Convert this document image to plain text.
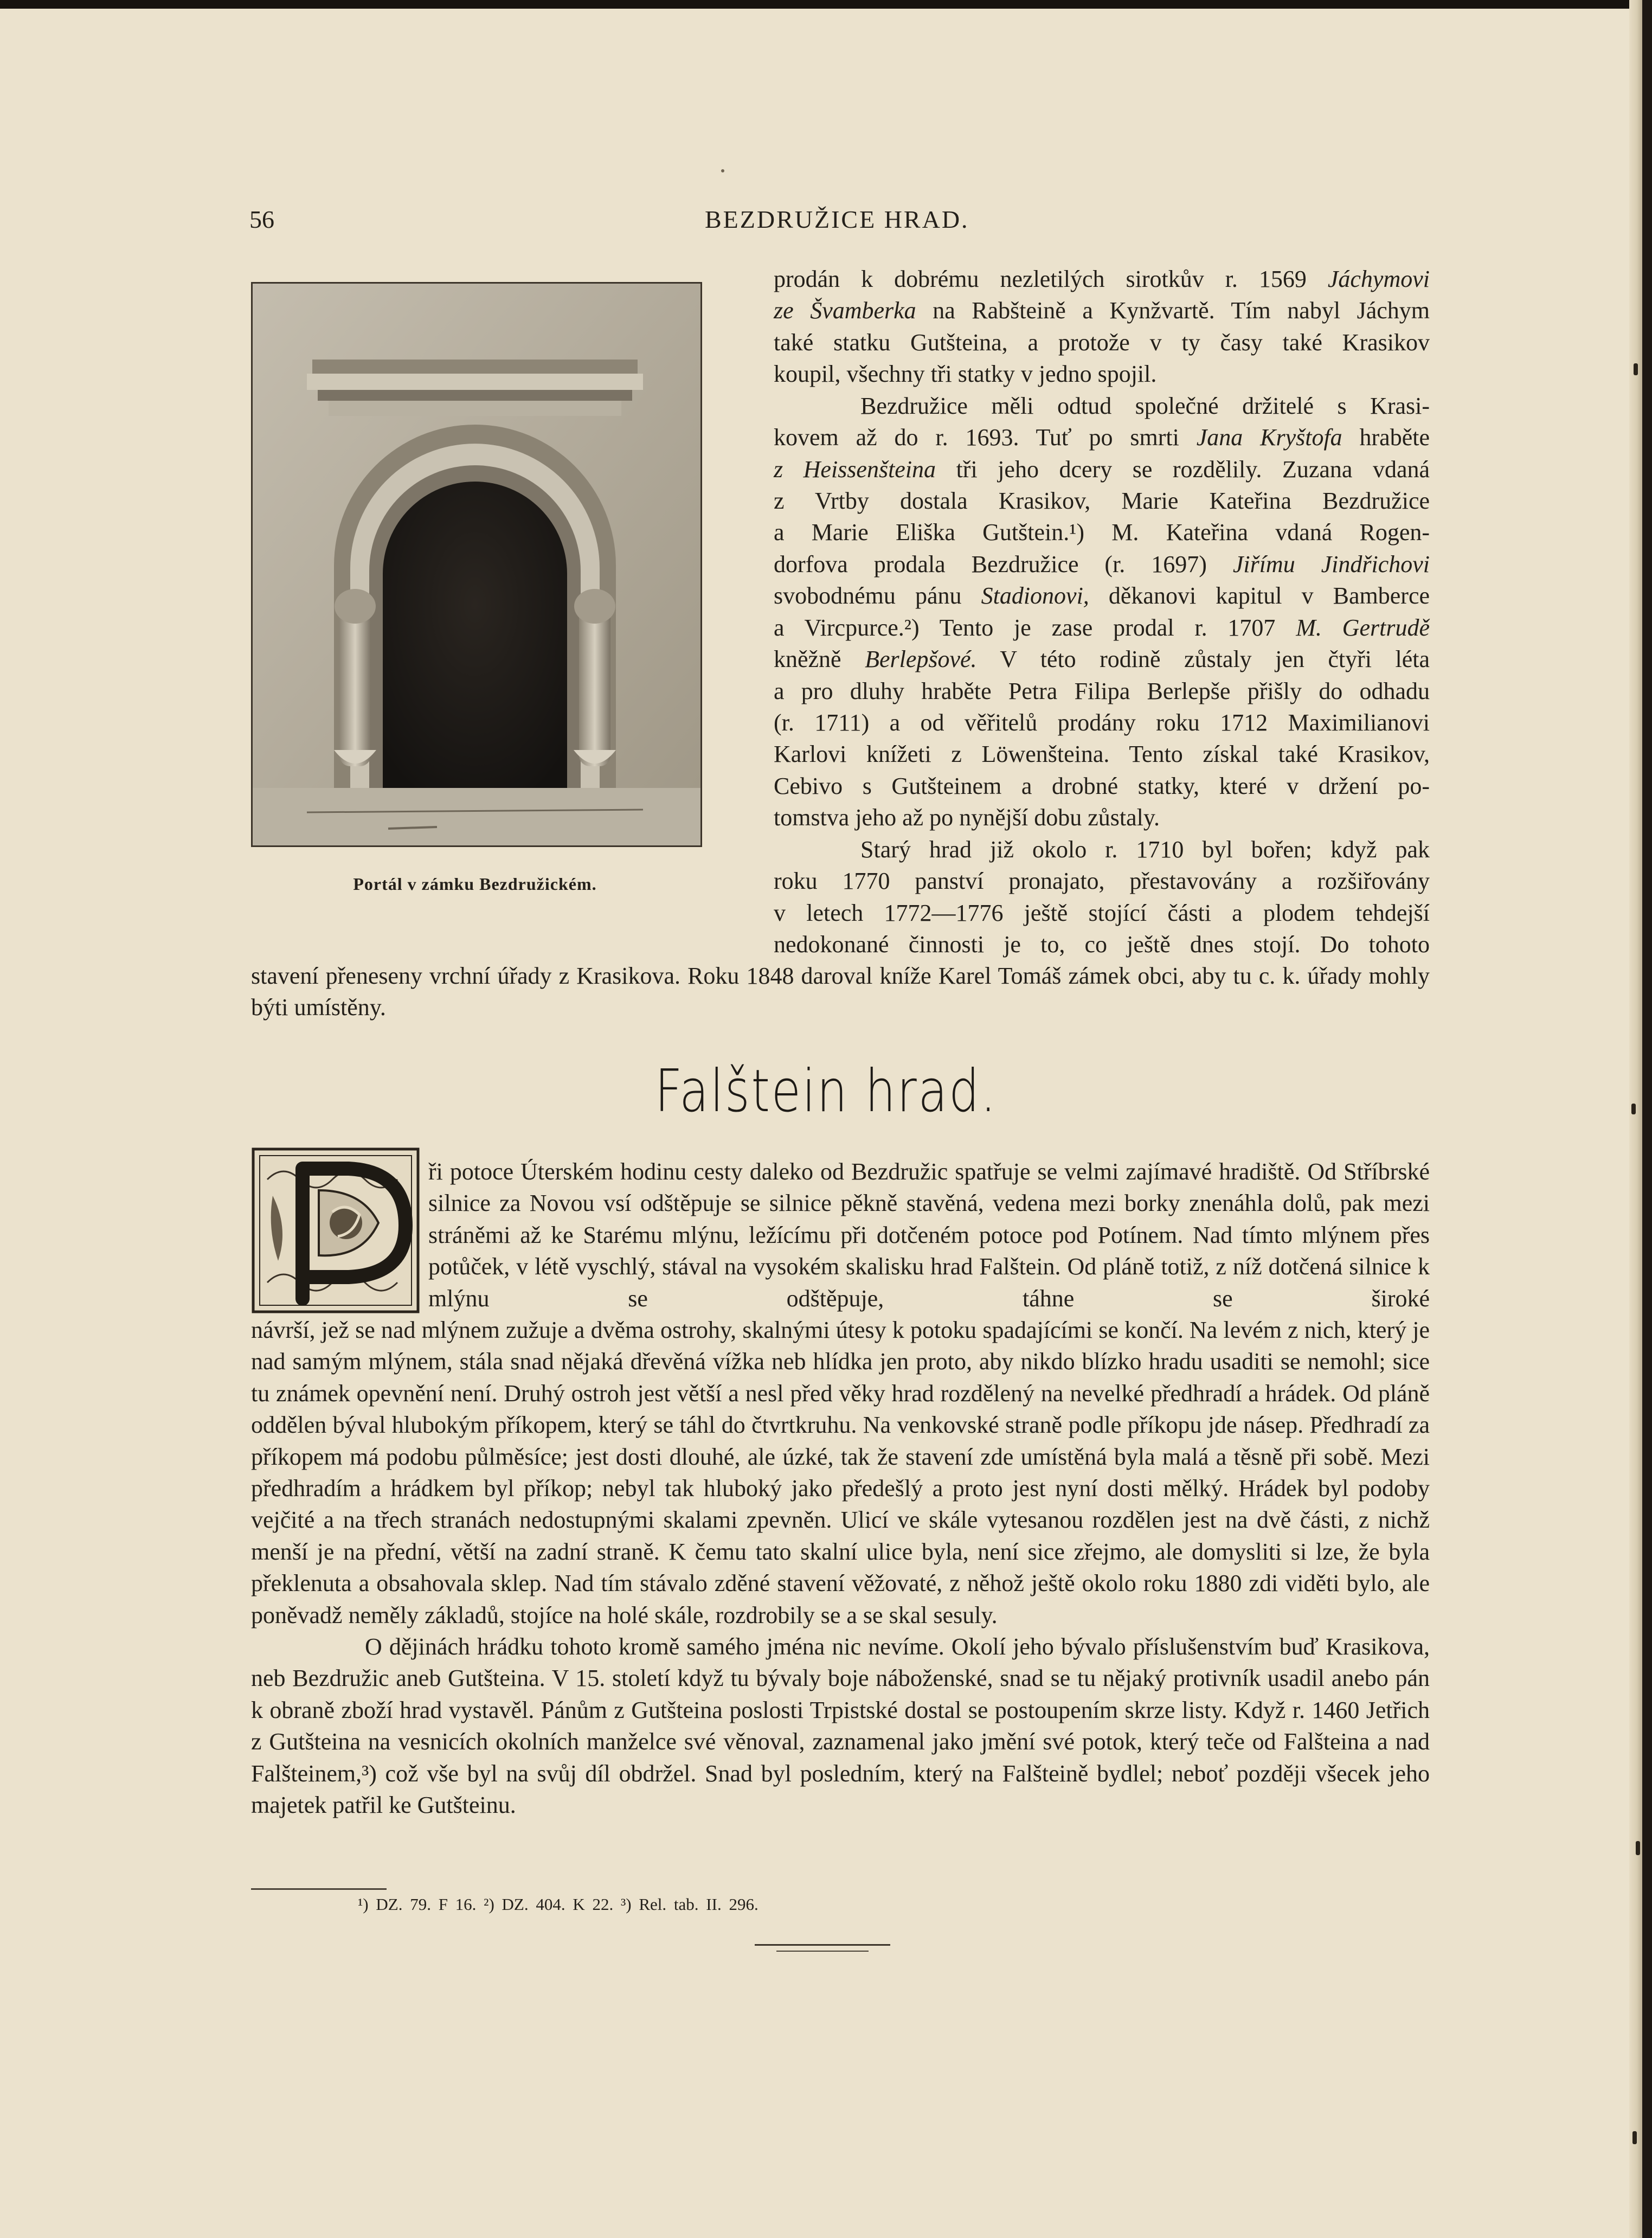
56	BEZDRUŽICE HRAD.
Portál v zámku Bezdružickém.
prodán k dobrému nezletilých sirotkův r. 1569 Jáchymovi
ze Švamberka na Rabšteině a Kynžvartě. Tím nabyl Jáchym
také statku Gutšteina, a protože v ty časy také Krasikov
koupil, všechny tři statky v jedno spojil.
Bezdružice měli odtud společné držitelé s Krasi-
kovem až do r. 1693. Tuť po smrti Jana Kryštofa hraběte
z Heissenšteina tři jeho dcery se rozdělily. Zuzana vdaná
z Vrtby dostala Krasikov, Marie Kateřina Bezdružice
a Marie Eliška Gutštein.¹) M. Kateřina vdaná Rogen-
dorfova prodala Bezdružice (r. 1697) Jiřímu Jindřichovi
svobodnému pánu Stadionovi, děkanovi kapitul v Bamberce
a Vircpurce.²) Tento je zase prodal r. 1707 M. Gertrudě
kněžně Berlepšové. V této rodině zůstaly jen čtyři léta
a pro dluhy hraběte Petra Filipa Berlepše přišly do odhadu
(r. 1711) a od věřitelů prodány roku 1712 Maximilianovi
Karlovi knížeti z Löwenšteina. Tento získal také Krasikov,
Cebivo s Gutšteinem a drobné statky, které v držení po-
tomstva jeho až po nynější dobu zůstaly.
Starý hrad již okolo r. 1710 byl bořen; když pak
roku 1770 panství pronajato, přestavovány a rozšiřovány
v letech 1772—1776 ještě stojící části a plodem tehdejší
nedokonané činnosti je to, co ještě dnes stojí. Do tohoto
stavení přeneseny vrchní úřady z Krasikova. Roku 1848 daroval kníže Karel Tomáš zámek obci, aby tu c. k. úřady mohly býti umístěny.
Falštein hrad.

ři potoce Úterském hodinu cesty daleko od Bezdružic spatřuje se velmi zajímavé hradiště. Od Stříbrské silnice za Novou vsí odštěpuje se silnice pěkně stavěná, vedena mezi borky znenáhla dolů, pak mezi stráněmi až ke Starému mlýnu, ležícímu při dotčeném potoce pod Potínem. Nad tímto mlýnem přes potůček, v létě vyschlý, stával na vysokém skalisku hrad Falštein. Od pláně totiž, z níž dotčená silnice k mlýnu se odštěpuje, táhne se široké

návrší, jež se nad mlýnem zužuje a dvěma ostrohy, skalnými útesy k potoku spadajícími se končí. Na levém z nich, který je nad samým mlýnem, stála snad nějaká dřevěná vížka neb hlídka jen proto, aby nikdo blízko hradu usaditi se nemohl; sice tu známek opevnění není. Druhý ostroh jest větší a nesl před věky hrad rozdělený na nevelké předhradí a hrádek. Od pláně oddělen býval hlubokým příkopem, který se táhl do čtvrtkruhu. Na venkovské straně podle příkopu jde násep. Předhradí za příkopem má podobu půlměsíce; jest dosti dlouhé, ale úzké, tak že stavení zde umístěná byla malá a těsně při sobě. Mezi předhradím a hrádkem byl příkop; nebyl tak hluboký jako předešlý a proto jest nyní dosti mělký. Hrádek byl podoby vejčité a na třech stranách nedostupnými skalami zpevněn. Ulicí ve skále vytesanou rozdělen jest na dvě části, z nichž menší je na přední, větší na zadní straně. K čemu tato skalní ulice byla, není sice zřejmo, ale domysliti si lze, že byla překlenuta a obsahovala sklep. Nad tím stávalo zděné stavení věžovaté, z něhož ještě okolo roku 1880 zdi viděti bylo, ale poněvadž neměly základů, stojíce na holé skále, rozdrobily se a se skal sesuly.

O dějinách hrádku tohoto kromě samého jména nic nevíme. Okolí jeho bývalo příslušenstvím buď Krasikova, neb Bezdružic aneb Gutšteina. V 15. století když tu bývaly boje náboženské, snad se tu nějaký protivník usadil anebo pán k obraně zboží hrad vystavěl. Pánům z Gutšteina poslosti Trpistské dostal se postoupením skrze listy. Když r. 1460 Jetřich z Gutšteina na vesnicích okolních manželce své věnoval, zaznamenal jako jmění své potok, který teče od Falšteina a nad Falšteinem,³) což vše byl na svůj díl obdržel. Snad byl posledním, který na Falšteině bydlel; neboť později všecek jeho majetek patřil ke Gutšteinu.

¹) DZ. 79. F 16. ²) DZ. 404. K 22. ³) Rel. tab. II. 296.
